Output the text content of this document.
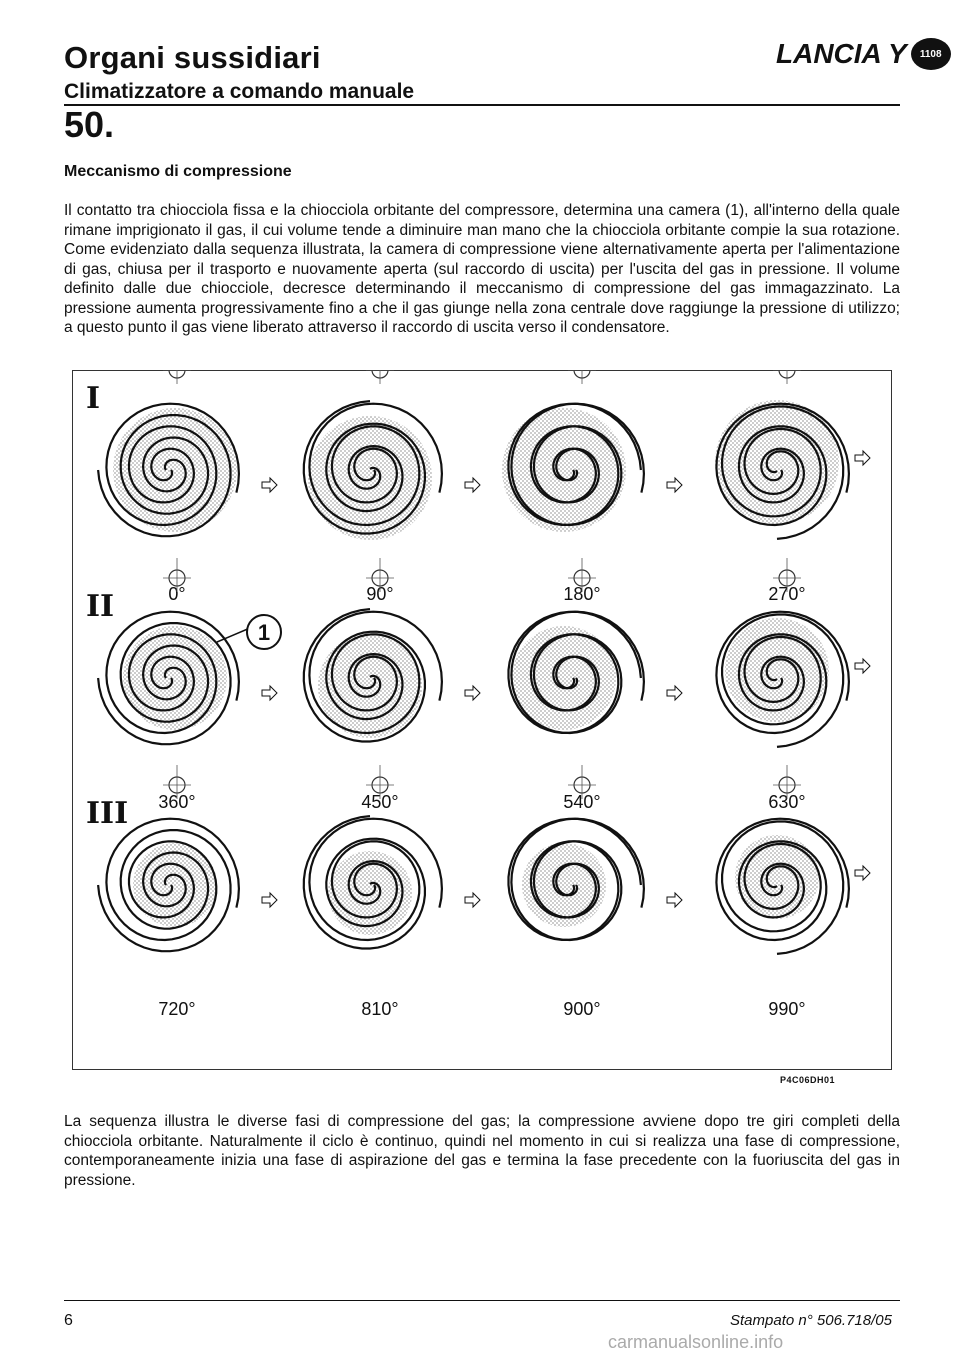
Organi sussidiari
Climatizzatore a comando manuale
LANCIA Y	1108
50.
Meccanismo di compressione

Il contatto tra chiocciola fissa e la chiocciola orbitante del compressore, determina una camera (1), all'interno della quale rimane imprigionato il gas, il cui volume tende a diminuire man mano che la chiocciola orbitante compie la sua rotazione. Come evidenziato dalla sequenza illustrata, la camera di compressione viene alternativamente aperta per l'alimentazione di gas, chiusa per il trasporto e nuovamente aperta (sul raccordo di uscita) per l'uscita del gas in pressione. Il volume definito dalle due chiocciole, decresce determinando il meccanismo di compressione del gas immagazzinato. La pressione aumenta progressivamente fino a che il gas giunge nella zona centrale dove raggiunge la pressione di utilizzo; a questo punto il gas viene liberato attraverso il raccordo di uscita verso il condensatore.

I
0°	90°	180°	270°
II
360°	450°	540°	630°
III
720°	810°	900°	990°
1
P4C06DH01

La sequenza illustra le diverse fasi di compressione del gas; la compressione avviene dopo tre giri completi della chiocciola orbitante. Naturalmente il ciclo è continuo, quindi nel momento in cui si realizza una fase di compressione, contemporaneamente inizia una fase di aspirazione del gas e termina la fase precedente con la fuoriuscita del gas in pressione.

6	Stampato n° 506.718/05
carmanualsonline.info
